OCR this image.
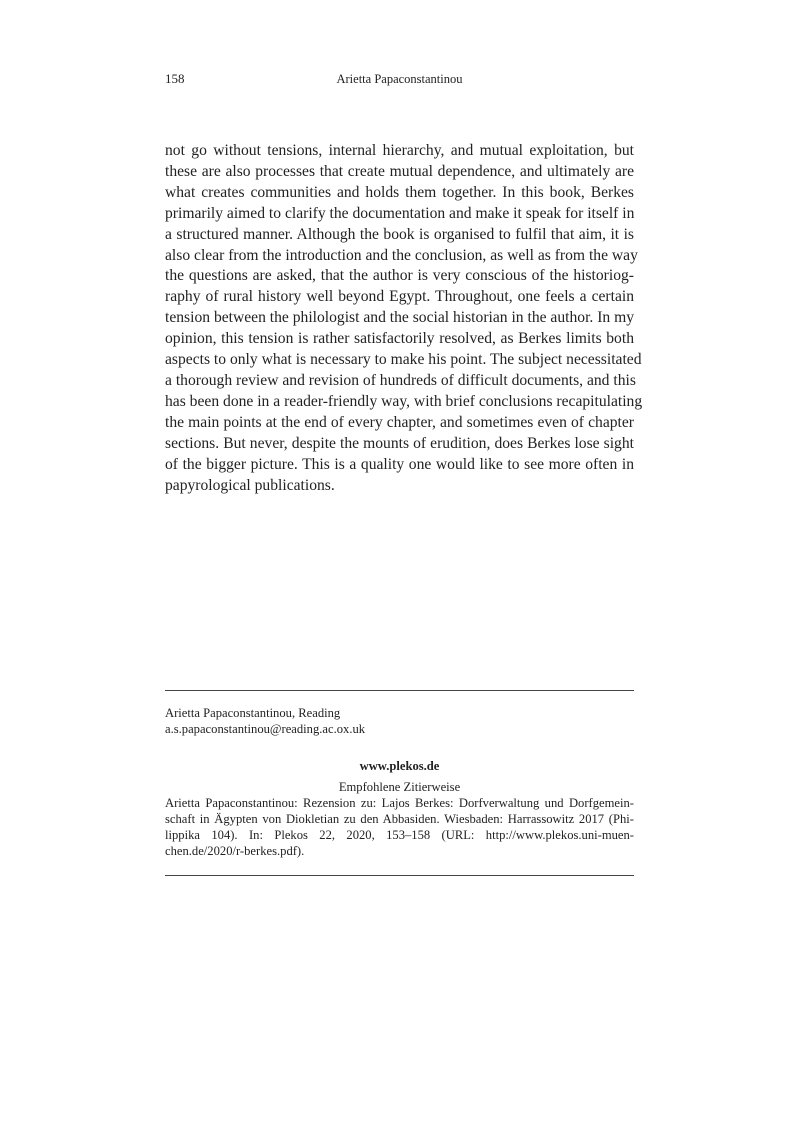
158	Arietta Papaconstantinou
not go without tensions, internal hierarchy, and mutual exploitation, but
these are also processes that create mutual dependence, and ultimately are
what creates communities and holds them together. In this book, Berkes
primarily aimed to clarify the documentation and make it speak for itself in
a structured manner. Although the book is organised to fulfil that aim, it is
also clear from the introduction and the conclusion, as well as from the way
the questions are asked, that the author is very conscious of the historiog-
raphy of rural history well beyond Egypt. Throughout, one feels a certain
tension between the philologist and the social historian in the author. In my
opinion, this tension is rather satisfactorily resolved, as Berkes limits both
aspects to only what is necessary to make his point. The subject necessitated
a thorough review and revision of hundreds of difficult documents, and this
has been done in a reader-friendly way, with brief conclusions recapitulating
the main points at the end of every chapter, and sometimes even of chapter
sections. But never, despite the mounts of erudition, does Berkes lose sight
of the bigger picture. This is a quality one would like to see more often in
papyrological publications.
Arietta Papaconstantinou, Reading
a.s.papaconstantinou@reading.ac.ox.uk
www.plekos.de
Empfohlene Zitierweise
Arietta Papaconstantinou: Rezension zu: Lajos Berkes: Dorfverwaltung und Dorfgemein-
schaft in Ägypten von Diokletian zu den Abbasiden. Wiesbaden: Harrassowitz 2017 (Phi-
lippika 104). In: Plekos 22, 2020, 153–158 (URL: http://www.plekos.uni-muen-
chen.de/2020/r-berkes.pdf).
